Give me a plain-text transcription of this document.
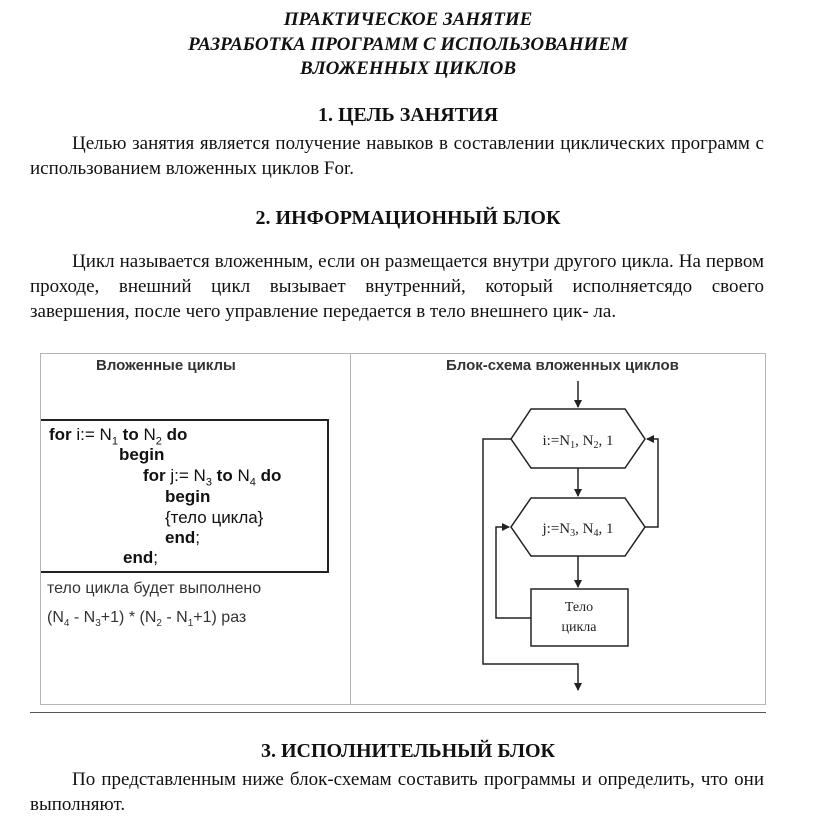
ПРАКТИЧЕСКОЕ ЗАНЯТИЕ
РАЗРАБОТКА ПРОГРАММ С ИСПОЛЬЗОВАНИЕМ
ВЛОЖЕННЫХ ЦИКЛОВ
1. ЦЕЛЬ ЗАНЯТИЯ

Целью занятия является получение навыков в составлении циклических программ с использованием вложенных циклов For.

2. ИНФОРМАЦИОННЫЙ БЛОК

Цикл называется вложенным, если он размещается внутри другого цикла. На первом проходе, внешний цикл вызывает внутренний, который исполняетсядо своего завершения, после чего управление передается в тело внешнего цик- ла.

Вложенные циклы	Блок-схема вложенных циклов
for i:= $N_1$ to $N_2$ do
begin
for j:= $N_3$ to $N_4$ do
begin
{тело цикла}
end;
end;
тело цикла будет выполнено
$(N_4 - N_3+1) * (N_2 - N_1+1)$ раз
$i:=N_1$, $N_2$, 1
$j:=N_3$, $N_4$, 1
Тело
цикла
3. ИСПОЛНИТЕЛЬНЫЙ БЛОК

По представленным ниже блок-схемам составить программы и определить, что они выполняют.
